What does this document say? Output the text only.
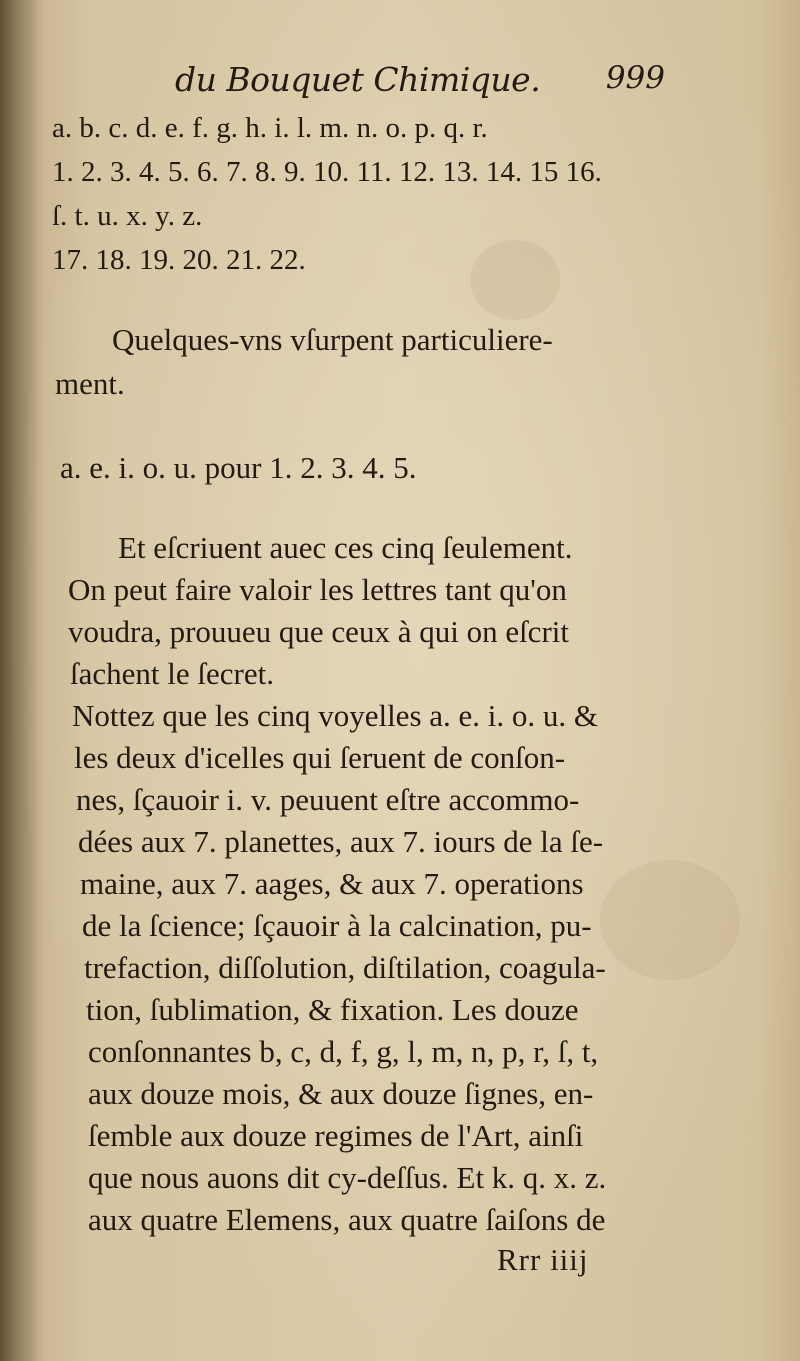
du Bouquet Chimique. 999
a. b. c. d. e. f. g. h. i. l. m. n. o. p. q. r.
1. 2. 3. 4. 5. 6. 7. 8. 9. 10. 11. 12. 13. 14. 15 16.
ſ. t. u. x. y. z.
17. 18. 19. 20. 21. 22.
Quelques-vns vſurpent particuliere-
ment.
a. e. i. o. u. pour 1. 2. 3. 4. 5.
Et eſcriuent auec ces cinq ſeulement.
On peut faire valoir les lettres tant qu'on
voudra, prouueu que ceux à qui on eſcrit
ſachent le ſecret.
Nottez que les cinq voyelles a. e. i. o. u. &
les deux d'icelles qui ſeruent de conſon-
nes, ſçauoir i. v. peuuent eſtre accommo-
dées aux 7. planettes, aux 7. iours de la ſe-
maine, aux 7. aages, & aux 7. operations
de la ſcience; ſçauoir à la calcination, pu-
trefaction, diſſolution, diſtilation, coagula-
tion, ſublimation, & fixation. Les douze
conſonnantes b, c, d, f, g, l, m, n, p, r, ſ, t,
aux douze mois, & aux douze ſignes, en-
ſemble aux douze regimes de l'Art, ainſi
que nous auons dit cy-deſſus. Et k. q. x. z.
aux quatre Elemens, aux quatre ſaiſons de
Rrr iiij
